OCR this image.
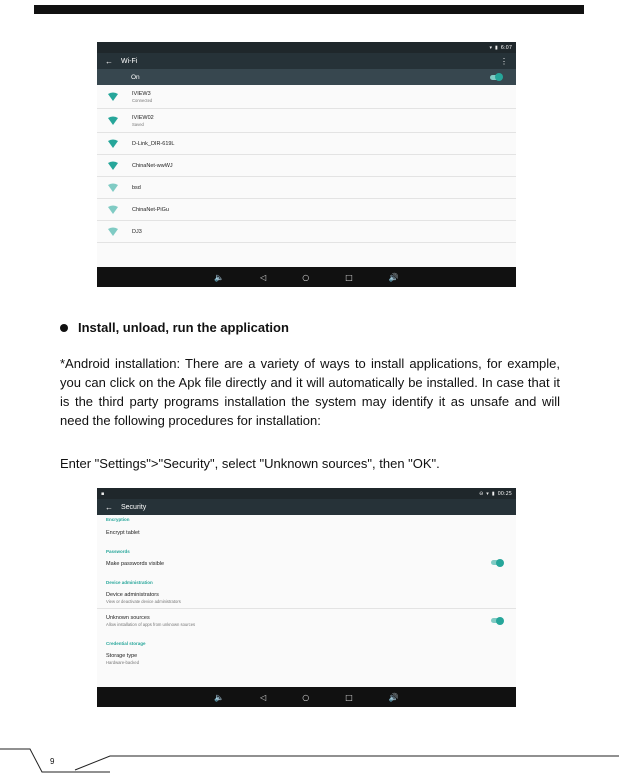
▾ ▮ 6:07
←	Wi-Fi	⋮
On
IVIEW3
Connected
IVIEW02
Saved
D-Link_DIR-619L
ChinaNet-wwWJ
bsd
ChinaNet-PiGu
DJ3
🔈	◁	○	□	🔊
Install, unload, run the application

*Android installation: There are a variety of ways to install applications, for example, you can click on the Apk file directly and it will automatically be installed. In case that it is the third party programs installation the system may identify it as unsafe and will need the following procedures for installation:

Enter "Settings">"Security", select "Unknown sources", then "OK".

▪	⊖ ▾ ▮ 00:25
←	Security
Encryption
Encrypt tablet
Passwords
Make passwords visible
Device administration
Device administrators
View or deactivate device administrators
Unknown sources
Allow installation of apps from unknown sources
Credential storage
Storage type
Hardware-backed
🔈	◁	○	□	🔊
9
